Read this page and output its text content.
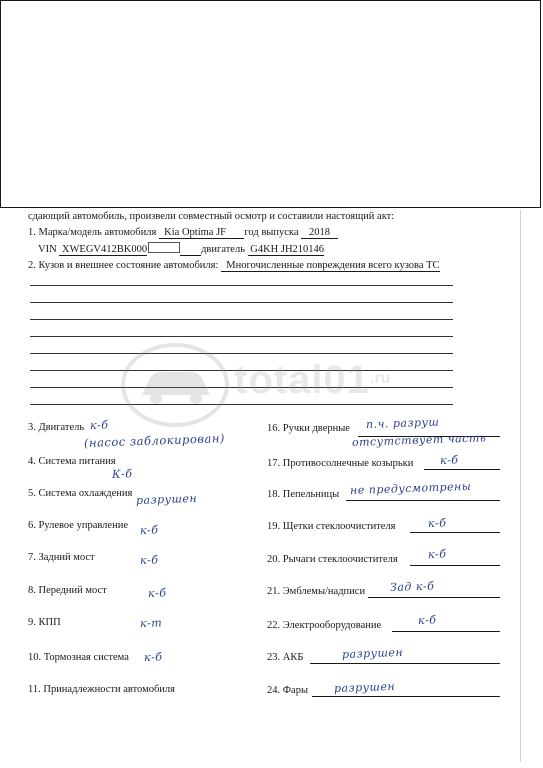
сдающий автомобиль, произвели совместный осмотр и составили настоящий акт:
1. Марка/модель автомобиля Kia Optima JF год выпуска 2018
VIN XWEGV412BK000	двигатель G4KH JH210146
2. Кузов и внешнее состояние автомобиля: Многочисленные повреждения всего кузова ТС
total01 .ru
3. Двигатель к-б
(насос заблокирован)
4. Система питания
К-б
5. Система охлаждения разрушен
6. Рулевое управление к-б
7. Задний мост	к-б
8. Передний мост	к-б
9. КПП	к-т
10. Тормозная система к-б
11. Принадлежности автомобиля
16. Ручки дверные п.ч. разруш
отсутствует часть
17. Противосолнечные козырьки к-б
18. Пепельницы не предусмотрены
19. Щетки стеклоочистителя	к-б
20. Рычаги стеклоочистителя	к-б
21. Эмблемы/надписи Зад к-б
22. Электрооборудование	к-б
23. АКБ	разрушен
24. Фары разрушен
